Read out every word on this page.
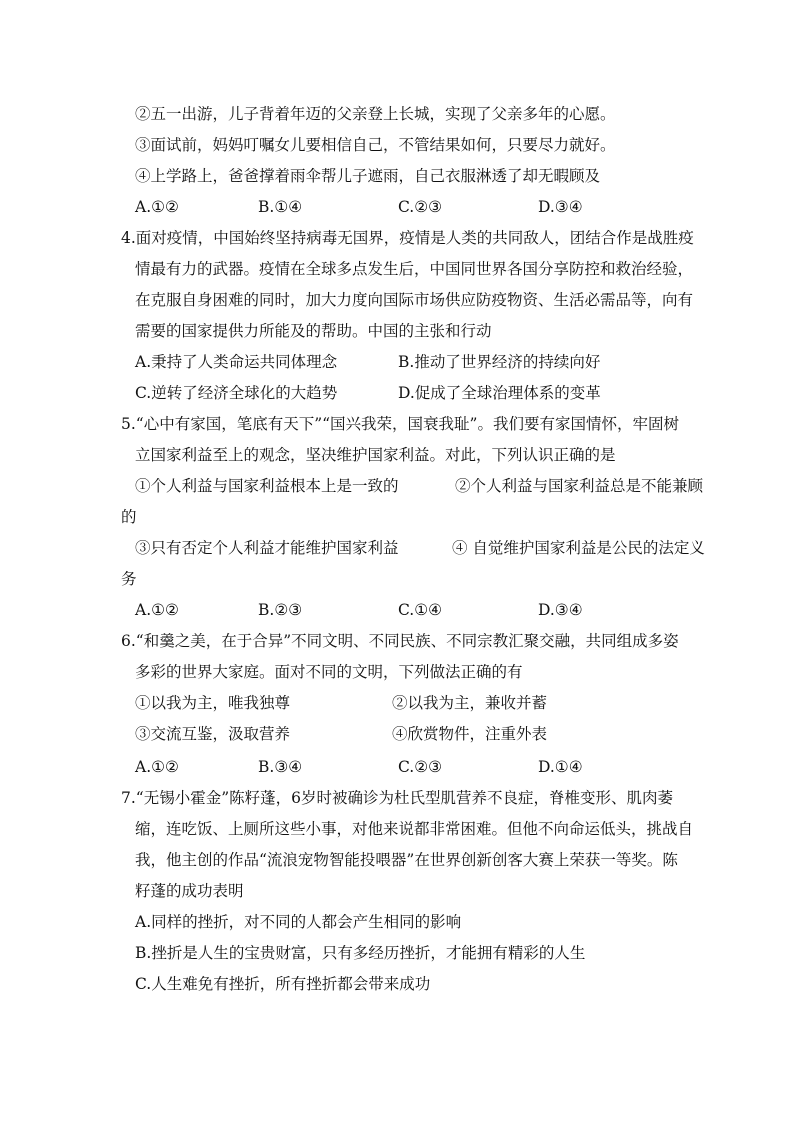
②五一出游，儿子背着年迈的父亲登上长城，实现了父亲多年的心愿。
③面试前，妈妈叮嘱女儿要相信自己，不管结果如何，只要尽力就好。
④上学路上，爸爸撑着雨伞帮儿子遮雨，自己衣服淋透了却无暇顾及
A.①②	B.①④	C.②③	D.③④
4.面对疫情，中国始终坚持病毒无国界，疫情是人类的共同敌人，团结合作是战胜疫
情最有力的武器。疫情在全球多点发生后，中国同世界各国分享防控和救治经验，
在克服自身困难的同时，加大力度向国际市场供应防疫物资、生活必需品等，向有
需要的国家提供力所能及的帮助。中国的主张和行动
A.秉持了人类命运共同体理念	B.推动了世界经济的持续向好
C.逆转了经济全球化的大趋势	D.促成了全球治理体系的变革
5.“心中有家国，笔底有天下”“国兴我荣，国衰我耻”。我们要有家国情怀，牢固树
立国家利益至上的观念，坚决维护国家利益。对此，下列认识正确的是
①个人利益与国家利益根本上是一致的	②个人利益与国家利益总是不能兼顾
的
③只有否定个人利益才能维护国家利益	④ 自觉维护国家利益是公民的法定义
务
A.①②	B.②③	C.①④	D.③④
6.“和羹之美，在于合异”不同文明、不同民族、不同宗教汇聚交融，共同组成多姿
多彩的世界大家庭。面对不同的文明，下列做法正确的有
①以我为主，唯我独尊	②以我为主，兼收并蓄
③交流互鉴，汲取营养	④欣赏物件，注重外表
A.①②	B.③④	C.②③	D.①④
7.“无锡小霍金”陈籽蓬，6岁时被确诊为杜氏型肌营养不良症，脊椎变形、肌肉萎
缩，连吃饭、上厕所这些小事，对他来说都非常困难。但他不向命运低头，挑战自
我，他主创的作品“流浪宠物智能投喂器”在世界创新创客大赛上荣获一等奖。陈
籽蓬的成功表明
A.同样的挫折，对不同的人都会产生相同的影响
B.挫折是人生的宝贵财富，只有多经历挫折，才能拥有精彩的人生
C.人生难免有挫折，所有挫折都会带来成功
